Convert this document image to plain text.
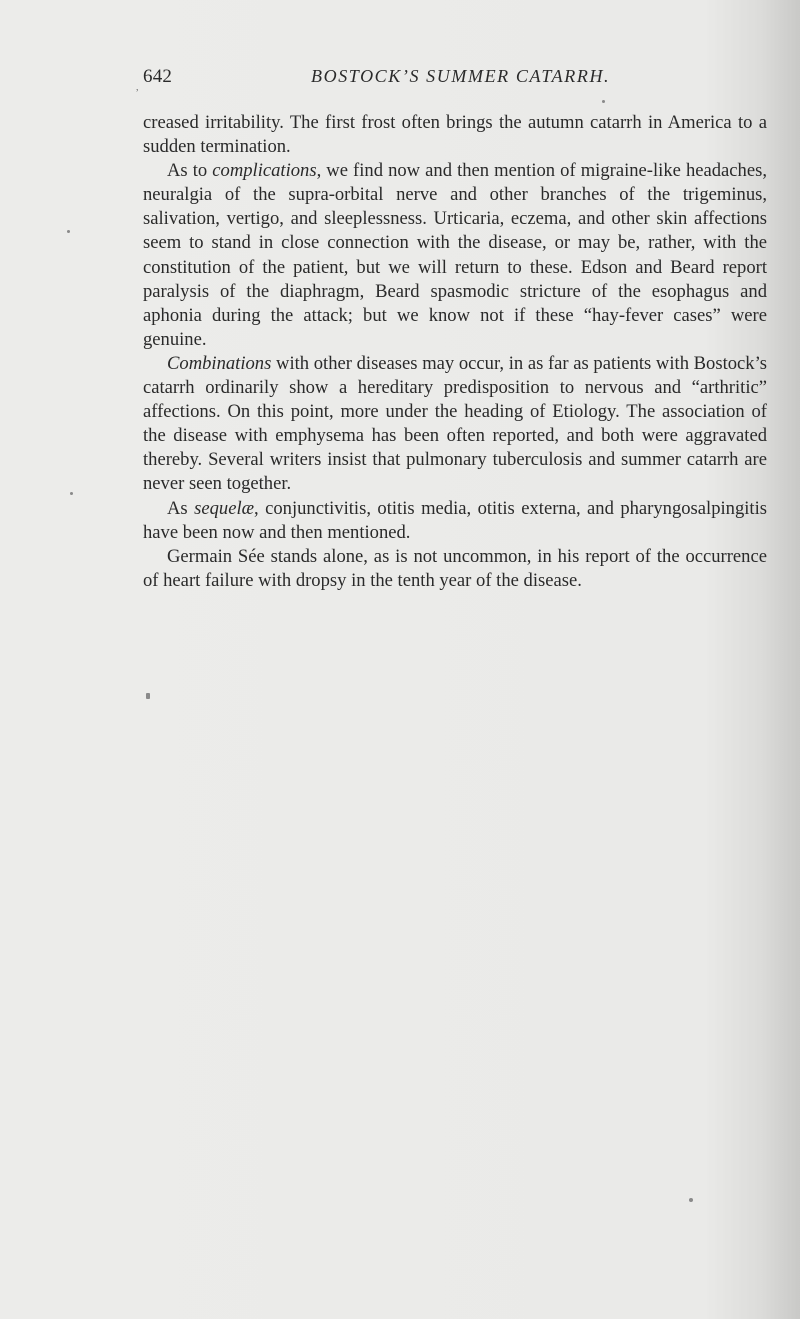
642	BOSTOCK’S SUMMER CATARRH.

creased irritability. The first frost often brings the autumn catarrh in America to a sudden termination.

As to complications, we find now and then mention of migraine-like headaches, neuralgia of the supra-orbital nerve and other branches of the trigeminus, salivation, vertigo, and sleeplessness. Urticaria, eczema, and other skin affections seem to stand in close connection with the disease, or may be, rather, with the constitution of the patient, but we will return to these. Edson and Beard report paralysis of the diaphragm, Beard spasmodic stricture of the esophagus and aphonia during the attack; but we know not if these “hay-fever cases” were genuine.

Combinations with other diseases may occur, in as far as patients with Bostock’s catarrh ordinarily show a hereditary predisposition to nervous and “arthritic” affections. On this point, more under the heading of Etiology. The association of the disease with emphysema has been often reported, and both were aggravated thereby. Several writers insist that pulmonary tuberculosis and summer catarrh are never seen together.

As sequelæ, conjunctivitis, otitis media, otitis externa, and pharyngosalpingitis have been now and then mentioned.

Germain Sée stands alone, as is not uncommon, in his report of the occurrence of heart failure with dropsy in the tenth year of the disease.

,
